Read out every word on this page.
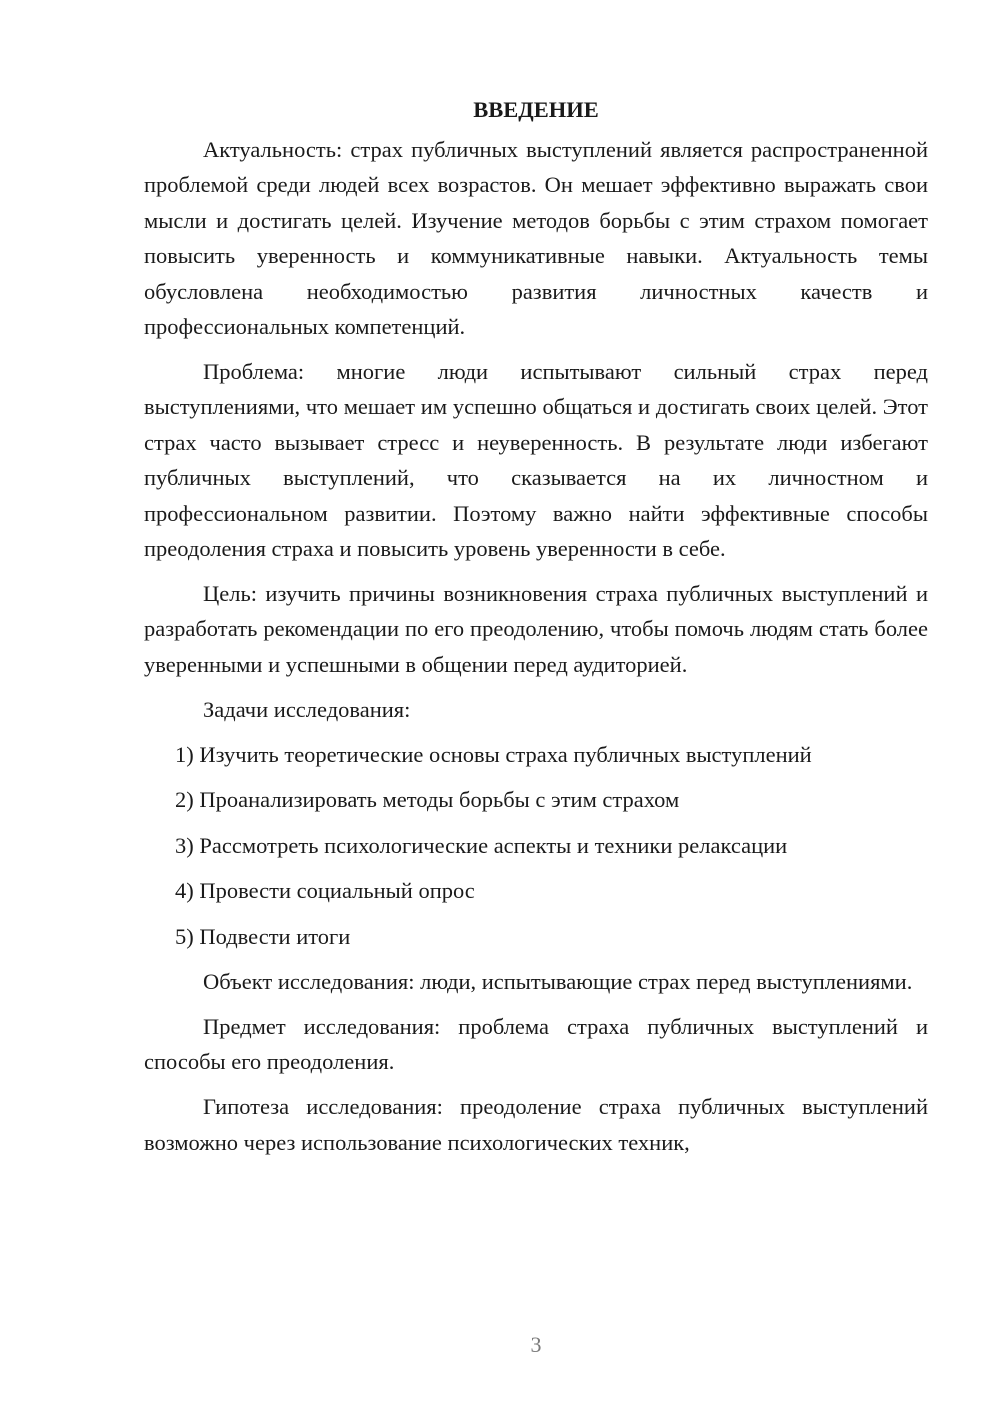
ВВЕДЕНИЕ

Актуальность: страх публичных выступлений является распространенной проблемой среди людей всех возрастов. Он мешает эффективно выражать свои мысли и достигать целей. Изучение методов борьбы с этим страхом помогает повысить уверенность и коммуникативные навыки. Актуальность темы обусловлена необходимостью развития личностных качеств и профессиональных компетенций.

Проблема: многие люди испытывают сильный страх перед выступлениями, что мешает им успешно общаться и достигать своих целей. Этот страх часто вызывает стресс и неуверенность. В результате люди избегают публичных выступлений, что сказывается на их личностном и профессиональном развитии. Поэтому важно найти эффективные способы преодоления страха и повысить уровень уверенности в себе.

Цель: изучить причины возникновения страха публичных выступлений и разработать рекомендации по его преодолению, чтобы помочь людям стать более уверенными и успешными в общении перед аудиторией.

Задачи исследования:

1) Изучить теоретические основы страха публичных выступлений

2) Проанализировать методы борьбы с этим страхом

3) Рассмотреть психологические аспекты и техники релаксации

4) Провести социальный опрос

5) Подвести итоги

Объект исследования: люди, испытывающие страх перед выступлениями.

Предмет исследования: проблема страха публичных выступлений и способы его преодоления.

Гипотеза исследования: преодоление страха публичных выступлений возможно через использование психологических техник,

3
